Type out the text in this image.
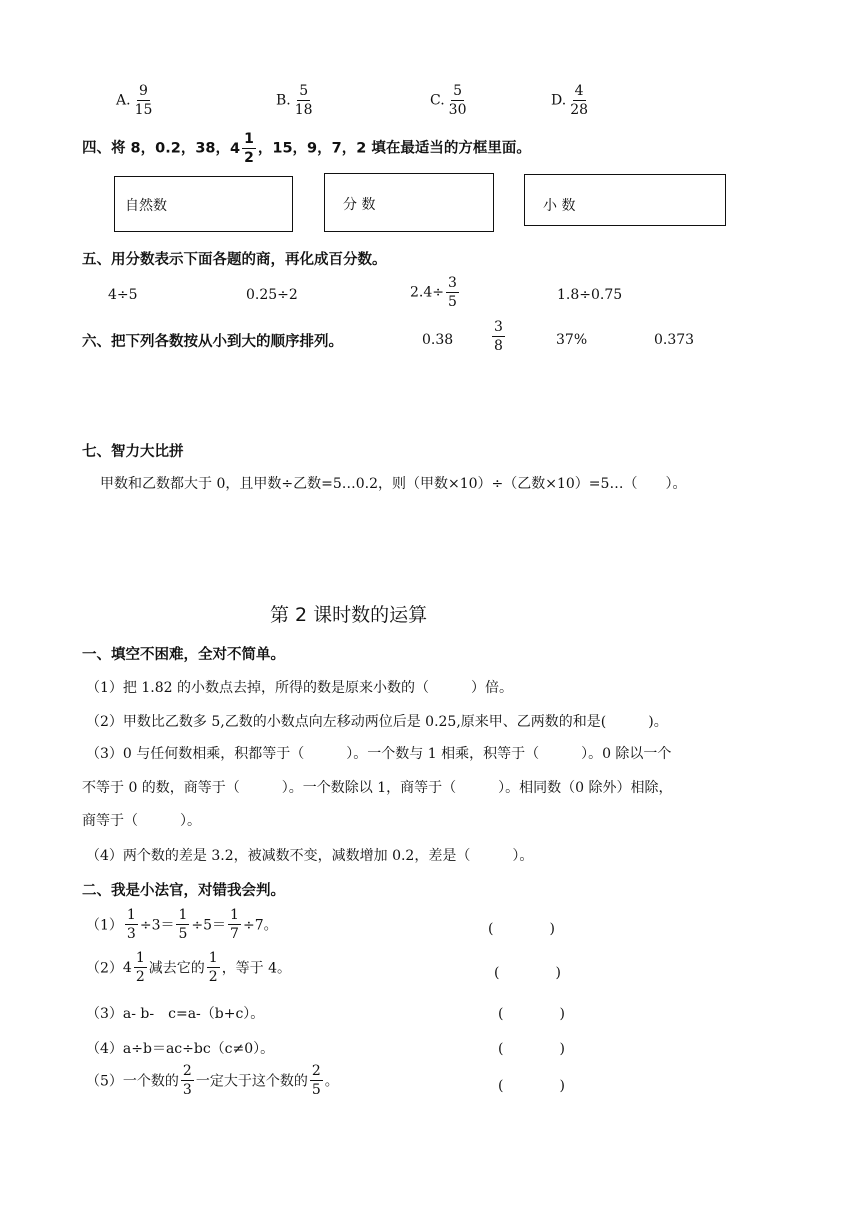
A. $\frac{9}{15}$	B. $\frac{5}{18}$	C. $\frac{5}{30}$	D. $\frac{4}{28}$
四、将 8，0.2，38， $4 \frac{1}{2}$ ，15，9，7，2 填在最适当的方框里面。
自然数	分 数	小 数
五、用分数表示下面各题的商，再化成百分数。
4÷5	0.25÷2	$2.4\div \frac{3}{5}$	1.8÷0.75
六、把下列各数按从小到大的顺序排列。	0.38	$\frac{3}{8}$	37%	0.373
七、智力大比拼
甲数和乙数都大于 0，且甲数÷乙数=5…0.2，则（甲数×10）÷（乙数×10）=5…（　　）。
第 2 课时数的运算
一、填空不困难，全对不简单。
（1）把 1.82 的小数点去掉，所得的数是原来小数的（　　　）倍。
（2）甲数比乙数多 5,乙数的小数点向左移动两位后是 0.25,原来甲、乙两数的和是(　　　)。
（3）0 与任何数相乘，积都等于（　　　）。一个数与 1 相乘，积等于（　　　）。0 除以一个
不等于 0 的数，商等于（　　　）。一个数除以 1，商等于（　　　）。相同数（0 除外）相除，
商等于（　　　）。
（4）两个数的差是 3.2，被减数不变，减数增加 0.2，差是（　　　）。
二、我是小法官，对错我会判。
$(1) \frac{1}{3} \div 3= \frac{1}{5} \div 5= \frac{1}{7} \div 7$。	(　　　　)
（2） $4 \frac{1}{2}$ 减去它的 $\frac{1}{2}$ ，等于 4。	(　　　　)
（3）a- b-　c=a-（b+c）。	(　　　　)
（4）a÷b＝ac÷bc（c≠0）。	(　　　　)
（5）一个数的 $\frac{2}{3}$ 一定大于这个数的 $\frac{2}{5}$ 。	(　　　　)
